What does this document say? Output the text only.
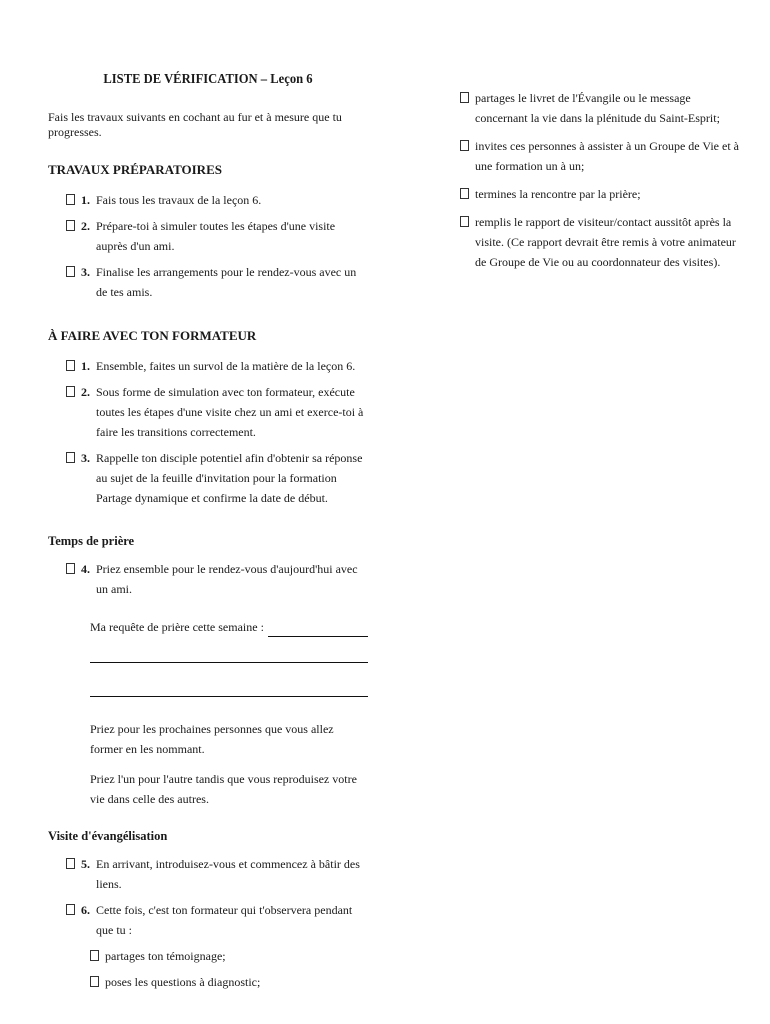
LISTE DE VÉRIFICATION – Leçon 6
Fais les travaux suivants en cochant au fur et à mesure que tu progresses.
TRAVAUX PRÉPARATOIRES
1. Fais tous les travaux de la leçon 6.
2. Prépare-toi à simuler toutes les étapes d'une visite auprès d'un ami.
3. Finalise les arrangements pour le rendez-vous avec un de tes amis.
À FAIRE AVEC TON FORMATEUR
1. Ensemble, faites un survol de la matière de la leçon 6.
2. Sous forme de simulation avec ton formateur, exécute toutes les étapes d'une visite chez un ami et exerce-toi à faire les transitions correctement.
3. Rappelle ton disciple potentiel afin d'obtenir sa réponse au sujet de la feuille d'invitation pour la formation Partage dynamique et confirme la date de début.
Temps de prière
4. Priez ensemble pour le rendez-vous d'aujourd'hui avec un ami.
Ma requête de prière cette semaine :
Priez pour les prochaines personnes que vous allez former en les nommant.
Priez l'un pour l'autre tandis que vous reproduisez votre vie dans celle des autres.
Visite d'évangélisation
5. En arrivant, introduisez-vous et commencez à bâtir des liens.
6. Cette fois, c'est ton formateur qui t'observera pendant que tu :
partages ton témoignage;
poses les questions à diagnostic;
partages le livret de l'Évangile ou le message concernant la vie dans la plénitude du Saint-Esprit;
invites ces personnes à assister à un Groupe de Vie et à une formation un à un;
termines la rencontre par la prière;
remplis le rapport de visiteur/contact aussitôt après la visite. (Ce rapport devrait être remis à votre animateur de Groupe de Vie ou au coordonnateur des visites).
